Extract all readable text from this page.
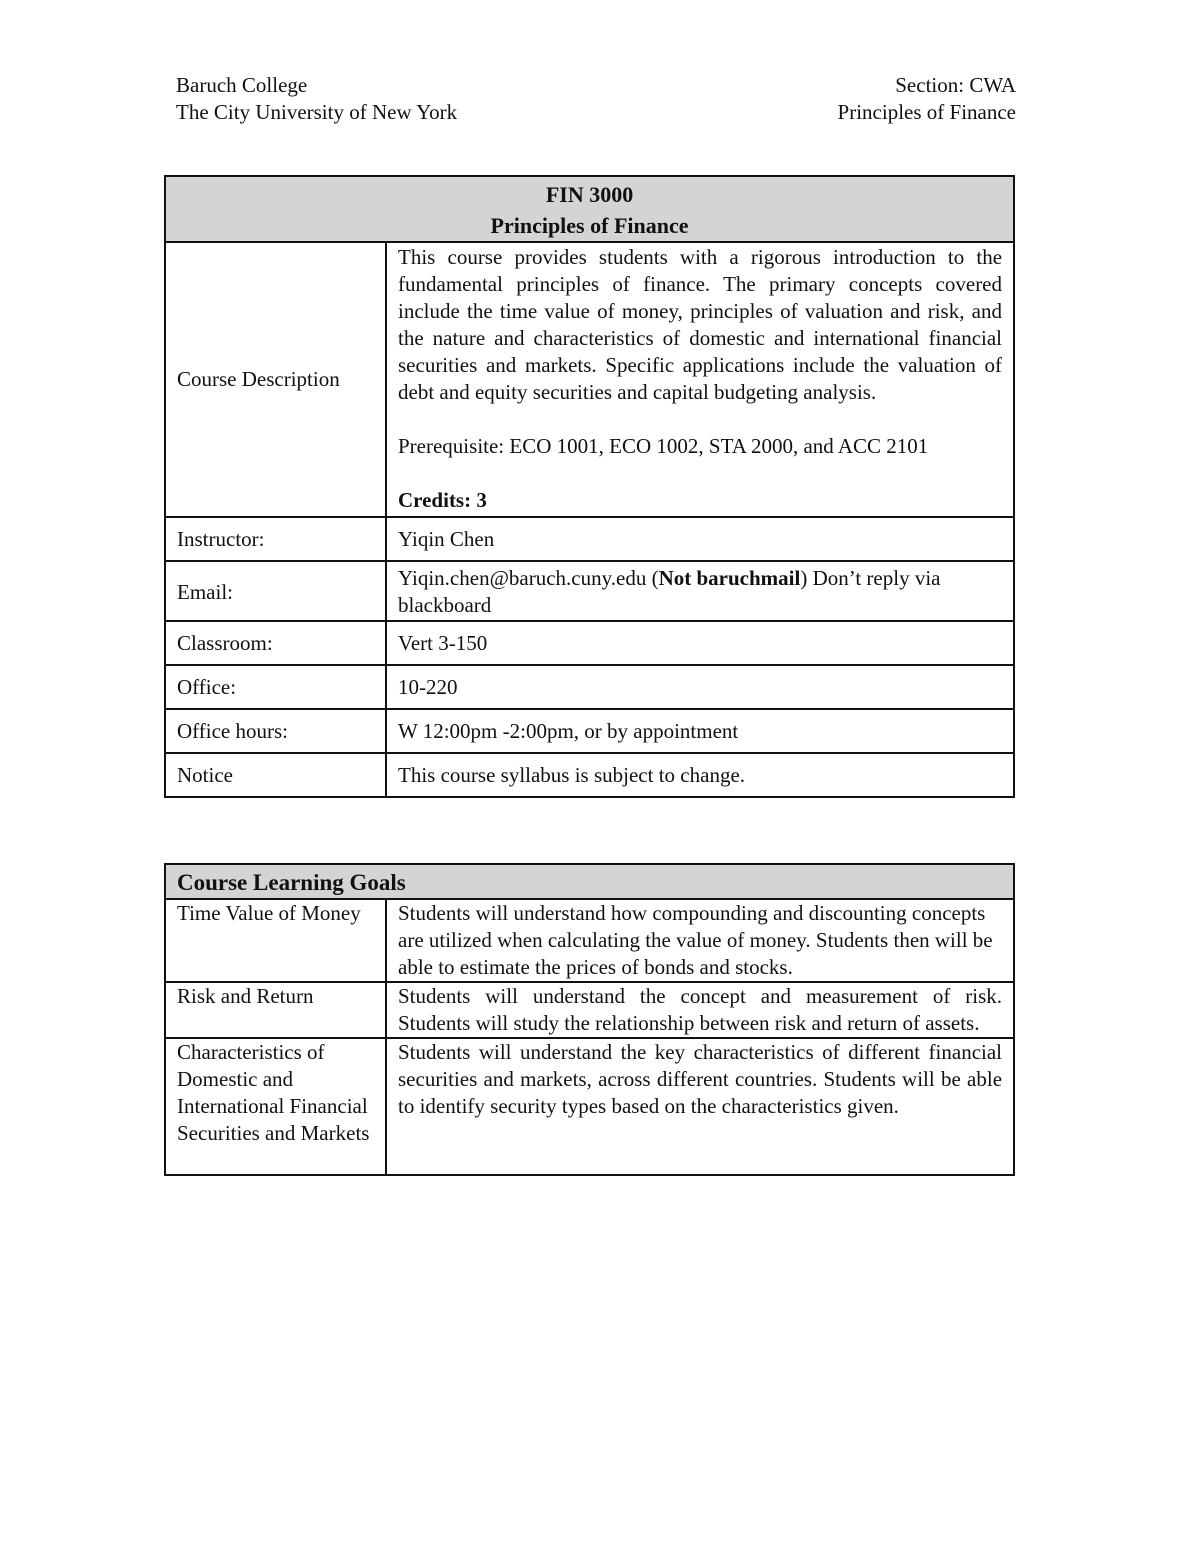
Baruch College
The City University of New York
Section: CWA
Principles of Finance
FIN 3000
Principles of Finance	

Course Description	This course provides students with a rigorous introduction to the fundamental principles of finance. The primary concepts covered include the time value of money, principles of valuation and risk, and the nature and characteristics of domestic and international financial securities and markets. Specific applications include the valuation of debt and equity securities and capital budgeting analysis.

Prerequisite: ECO 1001, ECO 1002, STA 2000, and ACC 2101

Credits: 3

Instructor:	Yiqin Chen
Email:	Yiqin.chen@baruch.cuny.edu (Not baruchmail) Don’t reply via blackboard
Classroom:	Vert 3-150
Office:	10-220
Office hours:	W 12:00pm -2:00pm, or by appointment
Notice	This course syllabus is subject to change.
Course Learning Goals	
Time Value of Money	Students will understand how compounding and discounting concepts are utilized when calculating the value of money. Students then will be able to estimate the prices of bonds and stocks.
Risk and Return	Students will understand the concept and measurement of risk. Students will study the relationship between risk and return of assets.
Characteristics of Domestic and International Financial Securities and Markets	Students will understand the key characteristics of different financial securities and markets, across different countries. Students will be able to identify security types based on the characteristics given.
